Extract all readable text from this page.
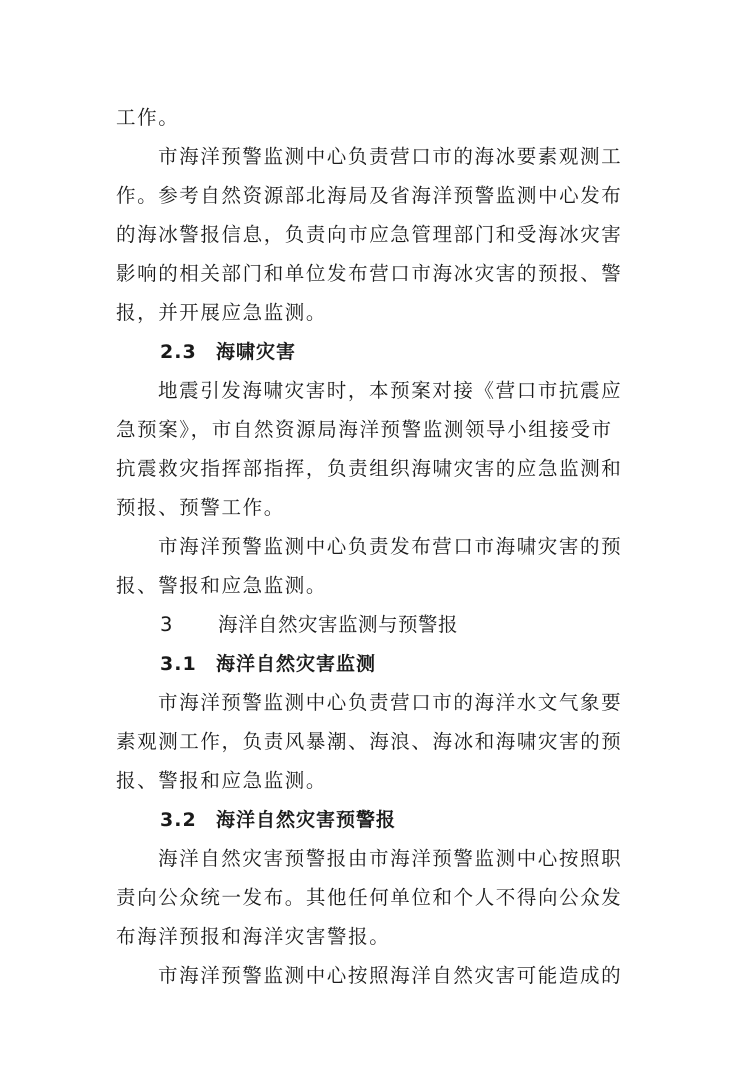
工作。
市海洋预警监测中心负责营口市的海冰要素观测工
作。参考自然资源部北海局及省海洋预警监测中心发布
的海冰警报信息，负责向市应急管理部门和受海冰灾害
影响的相关部门和单位发布营口市海冰灾害的预报、警
报，并开展应急监测。
2.3 海啸灾害
地震引发海啸灾害时，本预案对接《营口市抗震应
急预案》，市自然资源局海洋预警监测领导小组接受市
抗震救灾指挥部指挥，负责组织海啸灾害的应急监测和
预报、预警工作。
市海洋预警监测中心负责发布营口市海啸灾害的预
报、警报和应急监测。
3 海洋自然灾害监测与预警报
3.1 海洋自然灾害监测
市海洋预警监测中心负责营口市的海洋水文气象要
素观测工作，负责风暴潮、海浪、海冰和海啸灾害的预
报、警报和应急监测。
3.2 海洋自然灾害预警报
海洋自然灾害预警报由市海洋预警监测中心按照职
责向公众统一发布。其他任何单位和个人不得向公众发
布海洋预报和海洋灾害警报。
市海洋预警监测中心按照海洋自然灾害可能造成的
